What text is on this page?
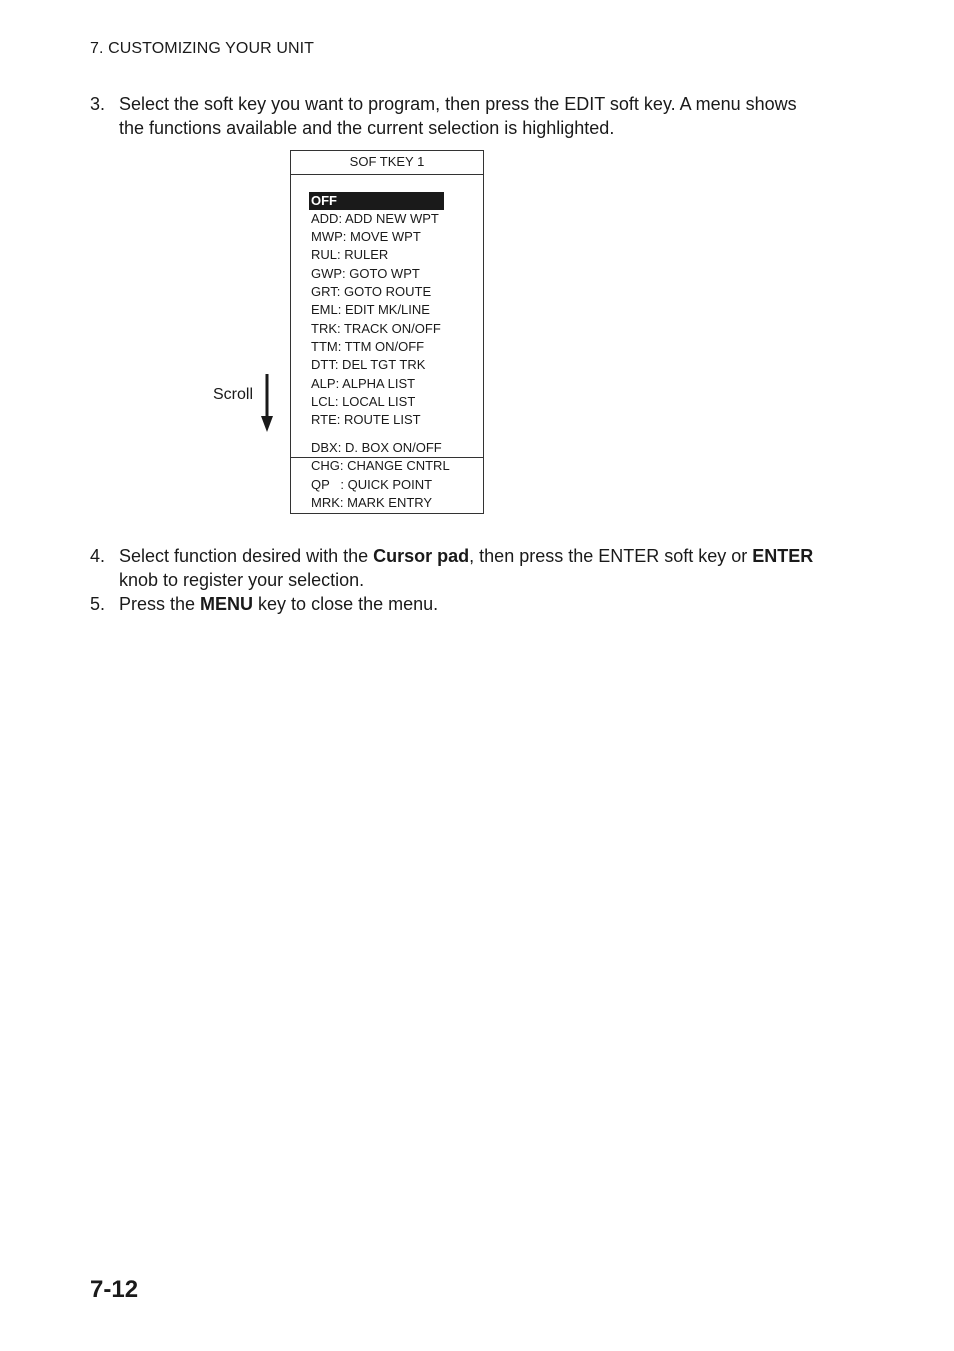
7. CUSTOMIZING YOUR UNIT
3. Select the soft key you want to program, then press the EDIT soft key. A menu shows
the functions available and the current selection is highlighted.
SOF TKEY 1
OFF
ADD: ADD NEW WPT
MWP: MOVE WPT
RUL: RULER
GWP: GOTO WPT
GRT: GOTO ROUTE
EML: EDIT MK/LINE
TRK: TRACK ON/OFF
TTM: TTM ON/OFF
DTT: DEL TGT TRK
ALP: ALPHA LIST
LCL: LOCAL LIST
RTE: ROUTE LIST
DBX: D. BOX ON/OFF
CHG: CHANGE CNTRL
QP   : QUICK POINT
MRK: MARK ENTRY
Scroll
4. Select function desired with the Cursor pad, then press the ENTER soft key or ENTER
knob to register your selection.
5. Press the MENU key to close the menu.
7-12
